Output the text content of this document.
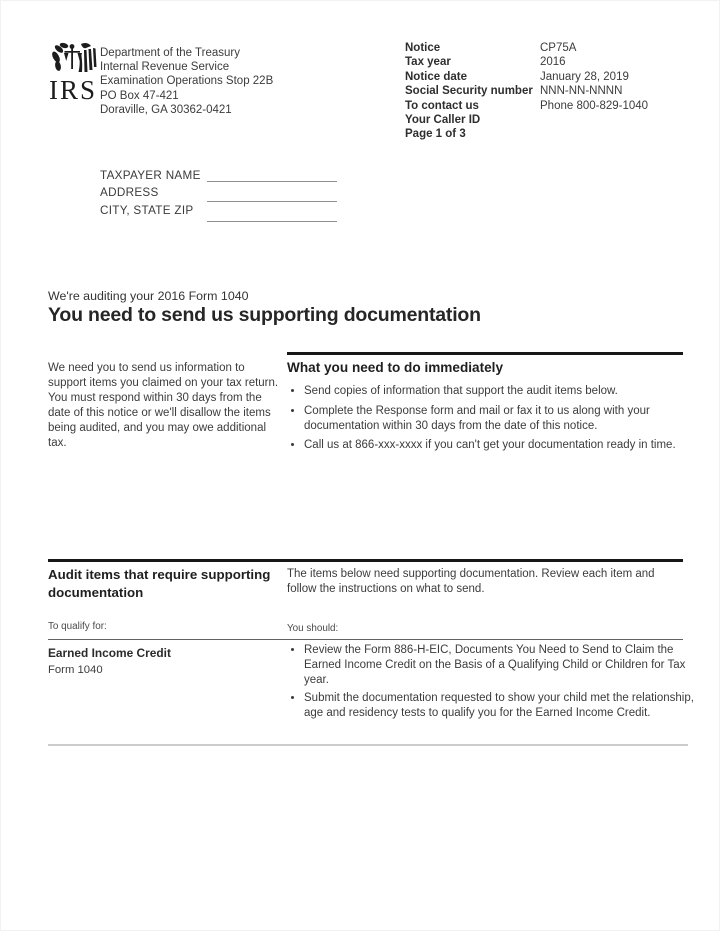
IRS
Department of the Treasury
Internal Revenue Service
Examination Operations Stop 22B
PO Box 47-421
Doraville, GA 30362-0421
Notice	CP75A
Tax year	2016
Notice date	January 28, 2019
Social Security number NNN-NN-NNNN
To contact us	Phone 800-829-1040
Your Caller ID
Page 1 of 3
TAXPAYER NAME
ADDRESS
CITY, STATE ZIP
We're auditing your 2016 Form 1040
You need to send us supporting documentation
We need you to send us information to support items you claimed on your tax return. You must respond within 30 days from the date of this notice or we'll disallow the items being audited, and you may owe additional tax.
What you need to do immediately
• Send copies of information that support the audit items below.
• Complete the Response form and mail or fax it to us along with your documentation within 30 days from the date of this notice.
• Call us at 866-xxx-xxxx if you can't get your documentation ready in time.
Audit items that require supporting documentation
The items below need supporting documentation. Review each item and follow the instructions on what to send.
To qualify for:	You should:
Earned Income Credit
Form 1040
• Review the Form 886-H-EIC, Documents You Need to Send to Claim the Earned Income Credit on the Basis of a Qualifying Child or Children for Tax year.
• Submit the documentation requested to show your child met the relationship, age and residency tests to qualify you for the Earned Income Credit.
